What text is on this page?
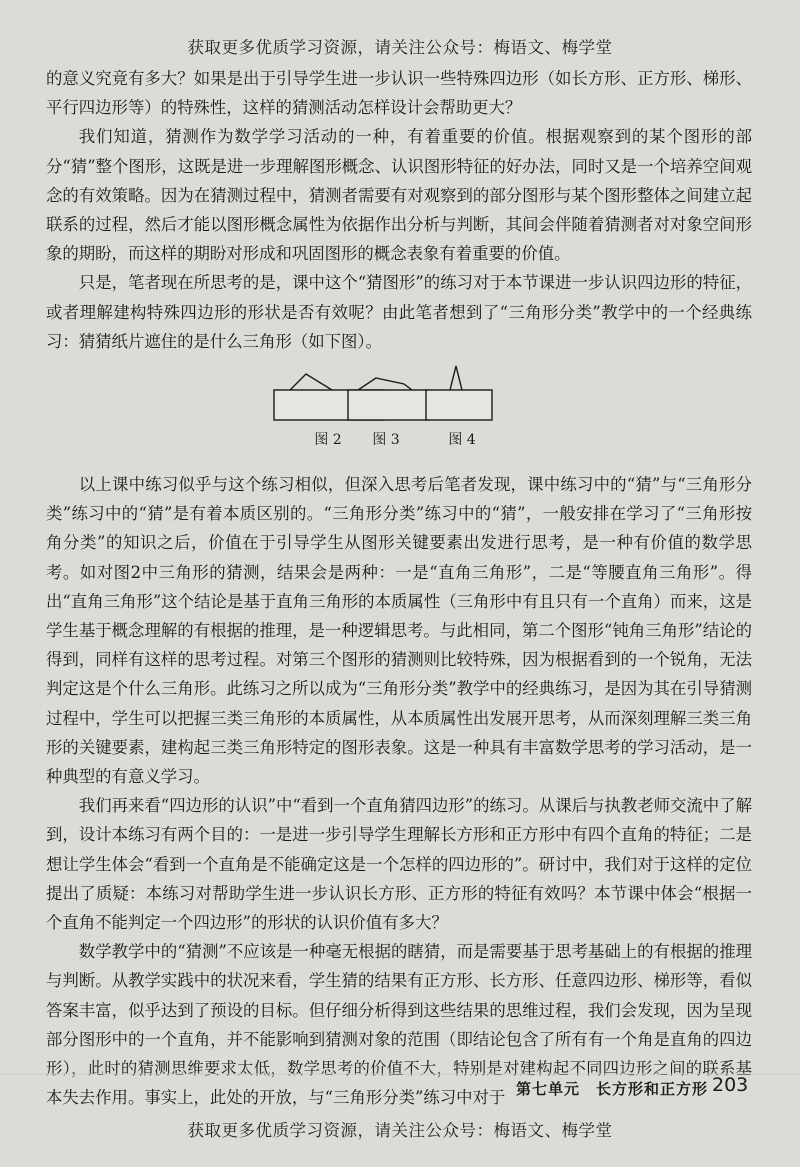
获取更多优质学习资源，请关注公众号：梅语文、梅学堂

的意义究竟有多大？如果是出于引导学生进一步认识一些特殊四边形（如长方形、正方形、梯形、平行四边形等）的特殊性，这样的猜测活动怎样设计会帮助更大？

我们知道，猜测作为数学学习活动的一种，有着重要的价值。根据观察到的某个图形的部分“猜”整个图形，这既是进一步理解图形概念、认识图形特征的好办法，同时又是一个培养空间观念的有效策略。因为在猜测过程中，猜测者需要有对观察到的部分图形与某个图形整体之间建立起联系的过程，然后才能以图形概念属性为依据作出分析与判断，其间会伴随着猜测者对对象空间形象的期盼，而这样的期盼对形成和巩固图形的概念表象有着重要的价值。

只是，笔者现在所思考的是，课中这个“猜图形”的练习对于本节课进一步认识四边形的特征，或者理解建构特殊四边形的形状是否有效呢？由此笔者想到了“三角形分类”教学中的一个经典练习：猜猜纸片遮住的是什么三角形（如下图）。

图 2	图 3	图 4

以上课中练习似乎与这个练习相似，但深入思考后笔者发现，课中练习中的“猜”与“三角形分类”练习中的“猜”是有着本质区别的。“三角形分类”练习中的“猜”，一般安排在学习了“三角形按角分类”的知识之后，价值在于引导学生从图形关键要素出发进行思考，是一种有价值的数学思考。如对图2中三角形的猜测，结果会是两种：一是“直角三角形”，二是“等腰直角三角形”。得出“直角三角形”这个结论是基于直角三角形的本质属性（三角形中有且只有一个直角）而来，这是学生基于概念理解的有根据的推理，是一种逻辑思考。与此相同，第二个图形“钝角三角形”结论的得到，同样有这样的思考过程。对第三个图形的猜测则比较特殊，因为根据看到的一个锐角，无法判定这是个什么三角形。此练习之所以成为“三角形分类”教学中的经典练习，是因为其在引导猜测过程中，学生可以把握三类三角形的本质属性，从本质属性出发展开思考，从而深刻理解三类三角形的关键要素，建构起三类三角形特定的图形表象。这是一种具有丰富数学思考的学习活动，是一种典型的有意义学习。

我们再来看“四边形的认识”中“看到一个直角猜四边形”的练习。从课后与执教老师交流中了解到，设计本练习有两个目的：一是进一步引导学生理解长方形和正方形中有四个直角的特征；二是想让学生体会“看到一个直角是不能确定这是一个怎样的四边形的”。研讨中，我们对于这样的定位提出了质疑：本练习对帮助学生进一步认识长方形、正方形的特征有效吗？本节课中体会“根据一个直角不能判定一个四边形”的形状的认识价值有多大？

数学教学中的“猜测”不应该是一种毫无根据的瞎猜，而是需要基于思考基础上的有根据的推理与判断。从教学实践中的状况来看，学生猜的结果有正方形、长方形、任意四边形、梯形等，看似答案丰富，似乎达到了预设的目标。但仔细分析得到这些结果的思维过程，我们会发现，因为呈现部分图形中的一个直角，并不能影响到猜测对象的范围（即结论包含了所有有一个角是直角的四边形），此时的猜测思维要求太低，数学思考的价值不大，特别是对建构起不同四边形之间的联系基本失去作用。事实上，此处的开放，与“三角形分类”练习中对于 第七单元　长方形和正方形 203
获取更多优质学习资源，请关注公众号：梅语文、梅学堂
